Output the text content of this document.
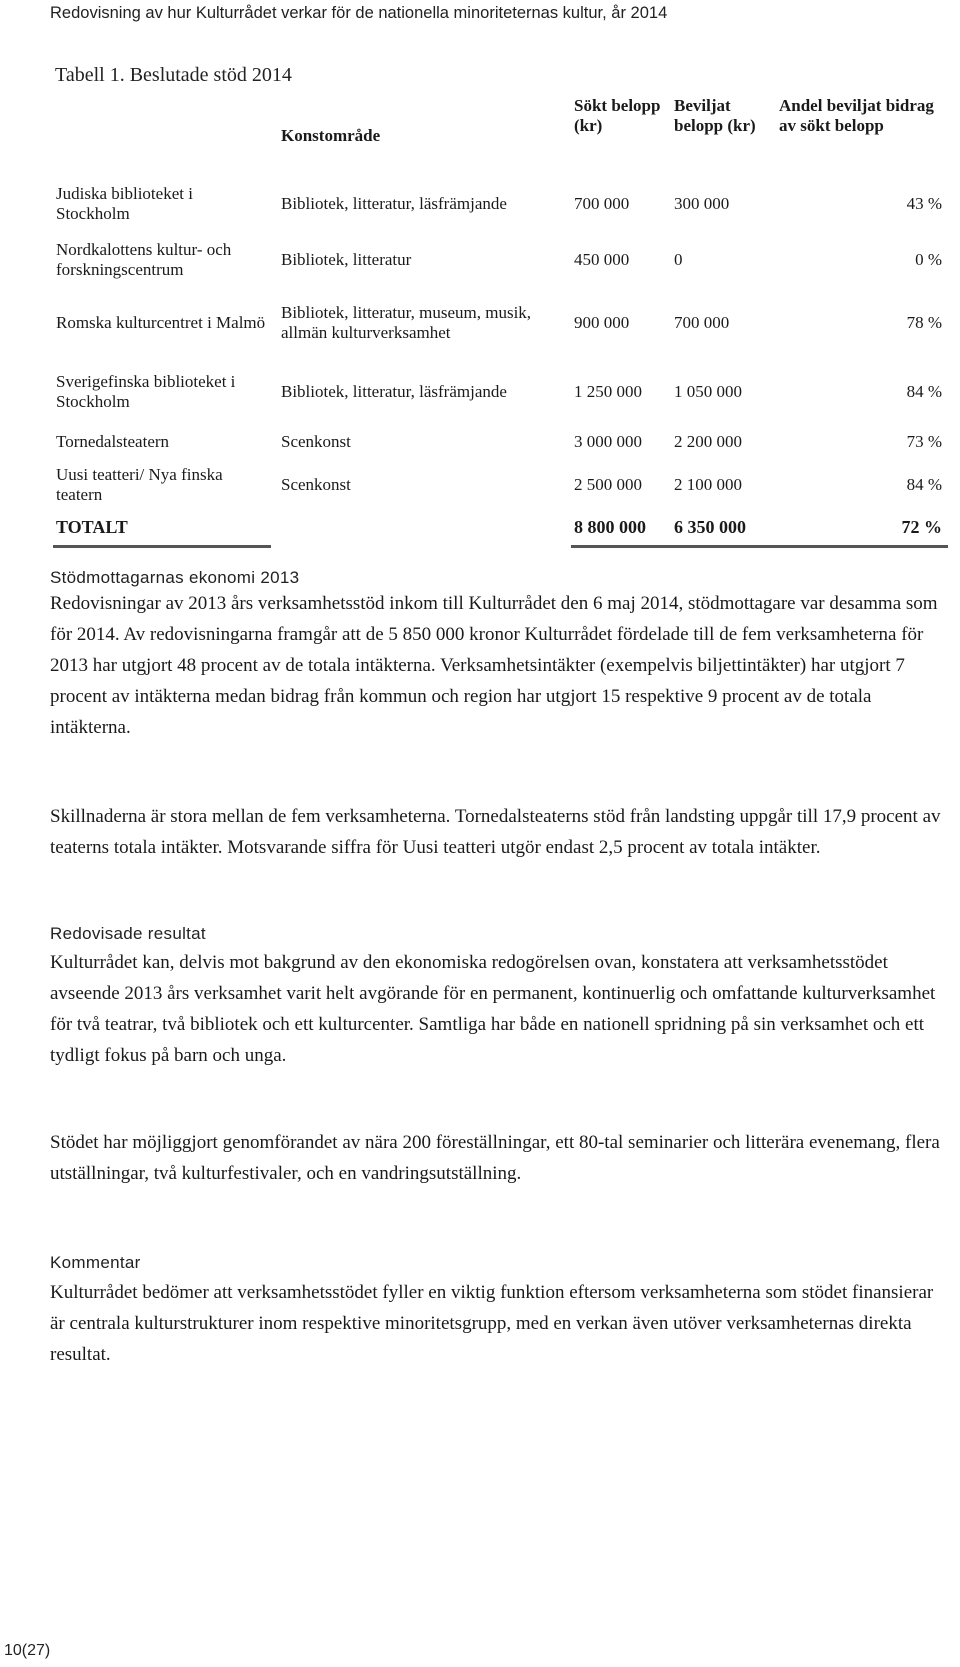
Redovisning av hur Kulturrådet verkar för de nationella minoriteternas kultur, år 2014
Tabell 1. Beslutade stöd 2014
	Konstområde	Sökt belopp (kr)	Beviljat belopp (kr)	Andel beviljat bidrag av sökt belopp
Judiska biblioteket i Stockholm	Bibliotek, litteratur, läsfrämjande	700 000	300 000	43 %
Nordkalottens kultur- och forskningscentrum	Bibliotek, litteratur	450 000	0	0 %
Romska kulturcentret i Malmö	Bibliotek, litteratur, museum, musik, allmän kulturverksamhet	900 000	700 000	78 %
Sverigefinska biblioteket i Stockholm	Bibliotek, litteratur, läsfrämjande	1 250 000	1 050 000	84 %
Tornedalsteatern	Scenkonst	3 000 000	2 200 000	73 %
Uusi teatteri/ Nya finska teatern	Scenkonst	2 500 000	2 100 000	84 %
TOTALT		8 800 000	6 350 000	72 %
Stödmottagarnas ekonomi 2013

Redovisningar av 2013 års verksamhetsstöd inkom till Kulturrådet den 6 maj 2014, stödmottagare var desamma som för 2014. Av redovisningarna framgår att de 5 850 000 kronor Kulturrådet fördelade till de fem verksamheterna för 2013 har utgjort 48 procent av de totala intäkterna. Verksamhetsintäkter (exempelvis biljettintäkter) har utgjort 7 procent av intäkterna medan bidrag från kommun och region har utgjort 15 respektive 9 procent av de totala intäkterna.

Skillnaderna är stora mellan de fem verksamheterna. Tornedalsteaterns stöd från landsting uppgår till 17,9 procent av teaterns totala intäkter. Motsvarande siffra för Uusi teatteri utgör endast 2,5 procent av totala intäkter.

Redovisade resultat

Kulturrådet kan, delvis mot bakgrund av den ekonomiska redogörelsen ovan, konstatera att verksamhetsstödet avseende 2013 års verksamhet varit helt avgörande för en permanent, kontinuerlig och omfattande kulturverksamhet för två teatrar, två bibliotek och ett kulturcenter. Samtliga har både en nationell spridning på sin verksamhet och ett tydligt fokus på barn och unga.

Stödet har möjliggjort genomförandet av nära 200 föreställningar, ett 80-tal seminarier och litterära evenemang, flera utställningar, två kulturfestivaler, och en vandringsutställning.

Kommentar

Kulturrådet bedömer att verksamhetsstödet fyller en viktig funktion eftersom verksamheterna som stödet finansierar är centrala kulturstrukturer inom respektive minoritetsgrupp, med en verkan även utöver verksamheternas direkta resultat.

10(27)
